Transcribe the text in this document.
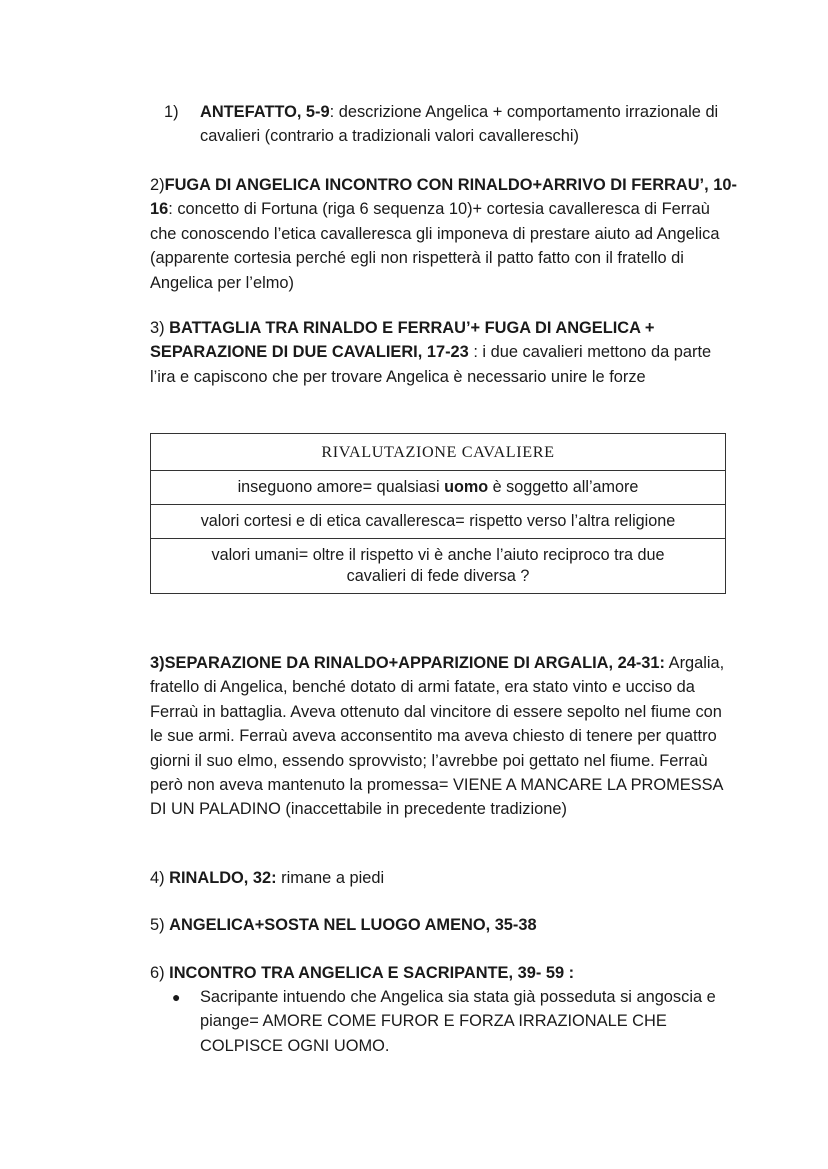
1) ANTEFATTO, 5-9: descrizione Angelica + comportamento irrazionale di cavalieri (contrario a tradizionali valori cavallereschi)
2)FUGA DI ANGELICA INCONTRO CON RINALDO+ARRIVO DI FERRAU’, 10-16: concetto di Fortuna (riga 6 sequenza 10)+ cortesia cavalleresca di Ferraù che conoscendo l’etica cavalleresca gli imponeva di prestare aiuto ad Angelica (apparente cortesia perché egli non rispetterà il patto fatto con il fratello di Angelica per l’elmo)
3) BATTAGLIA TRA RINALDO E FERRAU’+ FUGA DI ANGELICA + SEPARAZIONE DI DUE CAVALIERI, 17-23 : i due cavalieri mettono da parte l’ira e capiscono che per trovare Angelica è necessario unire le forze
RIVALUTAZIONE CAVALIERE
inseguono amore= qualsiasi uomo è soggetto all’amore
valori cortesi e di etica cavalleresca= rispetto verso l’altra religione
valori umani= oltre il rispetto vi è anche l’aiuto reciproco tra due cavalieri di fede diversa ?
3)SEPARAZIONE DA RINALDO+APPARIZIONE DI ARGALIA, 24-31: Argalia, fratello di Angelica, benché dotato di armi fatate, era stato vinto e ucciso da Ferraù in battaglia. Aveva ottenuto dal vincitore di essere sepolto nel fiume con le sue armi. Ferraù aveva acconsentito ma aveva chiesto di tenere per quattro giorni il suo elmo, essendo sprovvisto; l’avrebbe poi gettato nel fiume. Ferraù però non aveva mantenuto la promessa= VIENE A MANCARE LA PROMESSA DI UN PALADINO (inaccettabile in precedente tradizione)
4) RINALDO, 32: rimane a piedi
5) ANGELICA+SOSTA NEL LUOGO AMENO, 35-38
6) INCONTRO TRA ANGELICA E SACRIPANTE, 39- 59 :
● Sacripante intuendo che Angelica sia stata già posseduta si angoscia e piange= AMORE COME FUROR E FORZA IRRAZIONALE CHE COLPISCE OGNI UOMO.
